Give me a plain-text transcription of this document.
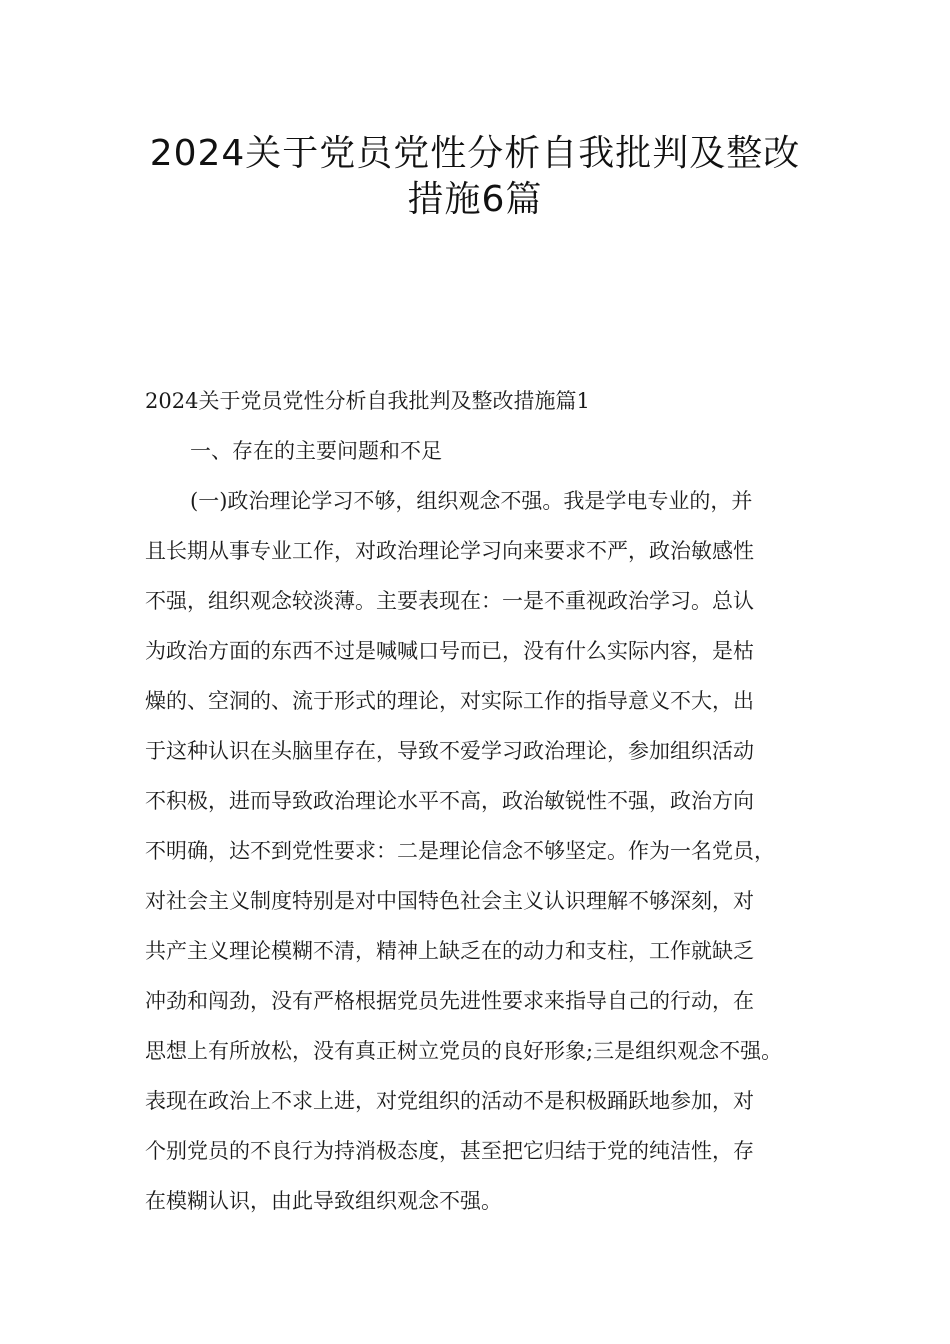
2024关于党员党性分析自我批判及整改
措施6篇
2024关于党员党性分析自我批判及整改措施篇1
一、存在的主要问题和不足
(一)政治理论学习不够，组织观念不强。我是学电专业的，并
且长期从事专业工作，对政治理论学习向来要求不严，政治敏感性
不强，组织观念较淡薄。主要表现在：一是不重视政治学习。总认
为政治方面的东西不过是喊喊口号而已，没有什么实际内容，是枯
燥的、空洞的、流于形式的理论，对实际工作的指导意义不大，出
于这种认识在头脑里存在，导致不爱学习政治理论，参加组织活动
不积极，进而导致政治理论水平不高，政治敏锐性不强，政治方向
不明确，达不到党性要求：二是理论信念不够坚定。作为一名党员，
对社会主义制度特别是对中国特色社会主义认识理解不够深刻，对
共产主义理论模糊不清，精神上缺乏在的动力和支柱，工作就缺乏
冲劲和闯劲，没有严格根据党员先进性要求来指导自己的行动，在
思想上有所放松，没有真正树立党员的良好形象;三是组织观念不强。
表现在政治上不求上进，对党组织的活动不是积极踊跃地参加，对
个别党员的不良行为持消极态度，甚至把它归结于党的纯洁性，存
在模糊认识，由此导致组织观念不强。
